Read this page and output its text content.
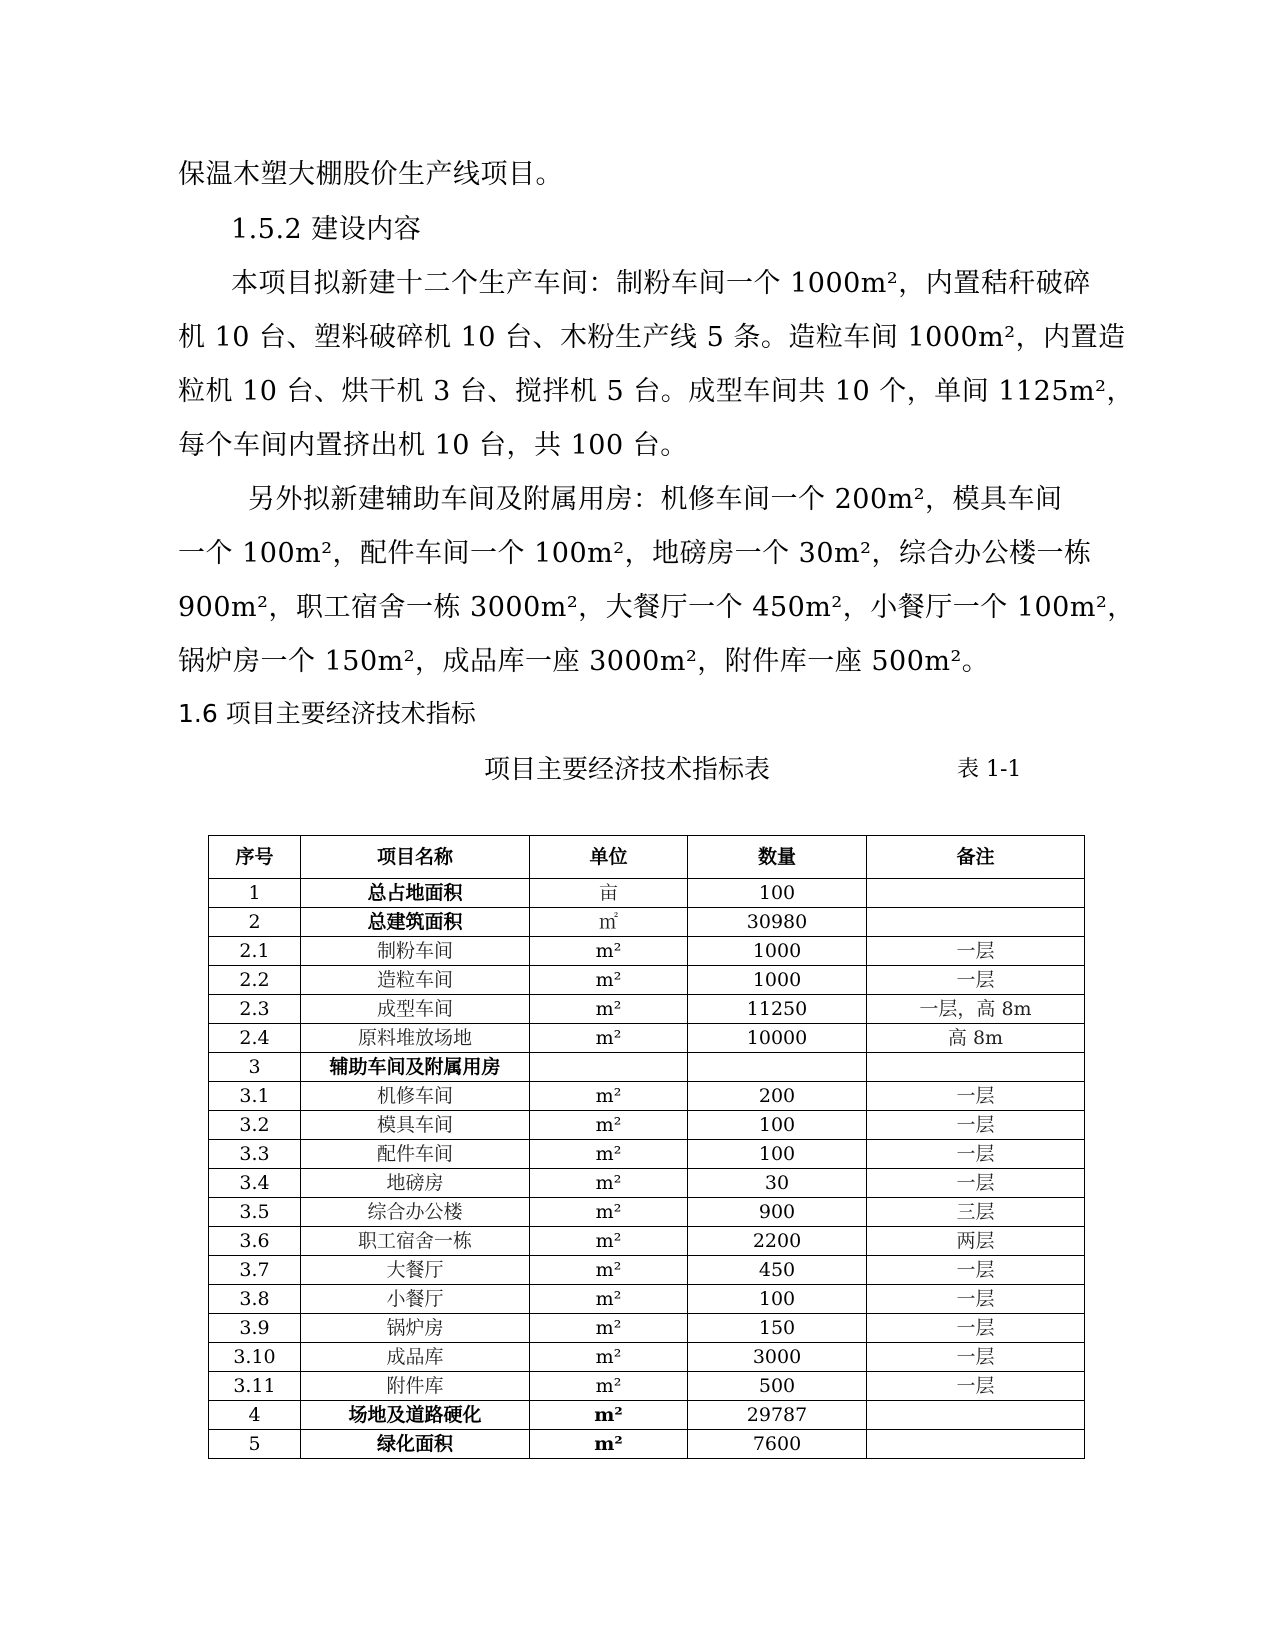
保温木塑大棚股价生产线项目。
1.5.2 建设内容
本项目拟新建十二个生产车间：制粉车间一个 1000m²，内置秸秆破碎
机 10 台、塑料破碎机 10 台、木粉生产线 5 条。造粒车间 1000m²，内置造
粒机 10 台、烘干机 3 台、搅拌机 5 台。成型车间共 10 个，单间 1125m²，
每个车间内置挤出机 10 台，共 100 台。
另外拟新建辅助车间及附属用房：机修车间一个 200m²，模具车间
一个 100m²，配件车间一个 100m²，地磅房一个 30m²，综合办公楼一栋
900m²，职工宿舍一栋 3000m²，大餐厅一个 450m²，小餐厅一个 100m²，
锅炉房一个 150m²，成品库一座 3000m²，附件库一座 500m²。
1.6 项目主要经济技术指标
项目主要经济技术指标表	表 1-1
序号	项目名称	单位	数量	备注
1	总占地面积	亩	100	
2	总建筑面积	㎡	30980	
2.1	制粉车间	m²	1000	一层
2.2	造粒车间	m²	1000	一层
2.3	成型车间	m²	11250	一层，高 8m
2.4	原料堆放场地	m²	10000	高 8m
3	辅助车间及附属用房			
3.1	机修车间	m²	200	一层
3.2	模具车间	m²	100	一层
3.3	配件车间	m²	100	一层
3.4	地磅房	m²	30	一层
3.5	综合办公楼	m²	900	三层
3.6	职工宿舍一栋	m²	2200	两层
3.7	大餐厅	m²	450	一层
3.8	小餐厅	m²	100	一层
3.9	锅炉房	m²	150	一层
3.10	成品库	m²	3000	一层
3.11	附件库	m²	500	一层
4	场地及道路硬化	m²	29787	
5	绿化面积	m²	7600	
